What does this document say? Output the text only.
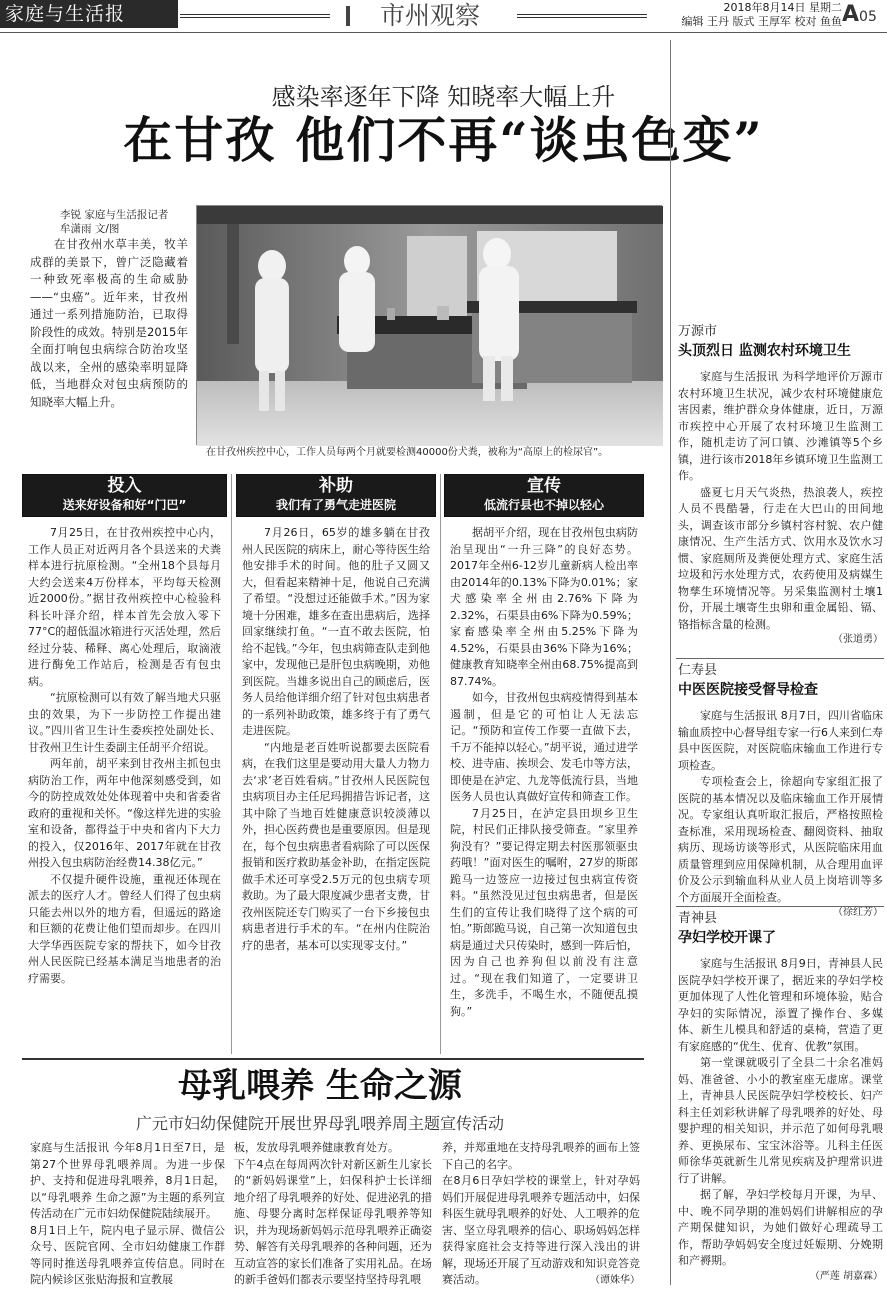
家庭与生活报	市州观察	2018年8月14日 星期二
编辑 王丹 版式 王厚军 校对 鱼鱼 A05
感染率逐年下降 知晓率大幅上升
在甘孜 他们不再“谈虫色变”
李锐 家庭与生活报记者
牟潇雨 文/图
在甘孜州水草丰美，牧羊成群的美景下，曾广泛隐藏着一种致死率极高的生命威胁——“虫癌”。近年来，甘孜州通过一系列措施防治，已取得阶段性的成效。特别是2015年全面打响包虫病综合防治攻坚战以来，全州的感染率明显降低，当地群众对包虫病预防的知晓率大幅上升。
在甘孜州疾控中心，工作人员每两个月就要检测40000份犬粪，被称为“高原上的检尿官”。
投入
送来好设备和好“门巴”

7月25日，在甘孜州疾控中心内，工作人员正对近两月各个县送来的犬粪样本进行抗原检测。“全州18个县每月大约会送来4万份样本，平均每天检测近2000份。”据甘孜州疾控中心检验科科长叶泽介绍，样本首先会放入零下77°C的超低温冰箱进行灭活处理，然后经过分装、稀释、离心处理后，取滴液进行酶免工作站后，检测是否有包虫病。

“抗原检测可以有效了解当地犬只驱虫的效果，为下一步防控工作提出建议。”四川省卫生计生委疾控处副处长、甘孜州卫生计生委副主任胡平介绍说。

两年前，胡平来到甘孜州主抓包虫病防治工作，两年中他深刻感受到，如今的防控成效处处体现着中央和省委省政府的重视和关怀。“像这样先进的实验室和设备，都得益于中央和省内下大力的投入，仅2016年、2017年就在甘孜州投入包虫病防治经费14.38亿元。”

不仅提升硬件设施，重视还体现在派去的医疗人才。曾经人们得了包虫病只能去州以外的地方看，但遥远的路途和巨额的花费让他们望而却步。在四川大学华西医院专家的帮扶下，如今甘孜州人民医院已经基本满足当地患者的治疗需要。

补助
我们有了勇气走进医院

7月26日，65岁的雄多躺在甘孜州人民医院的病床上，耐心等待医生给他安排手术的时间。他的肚子又圆又大，但看起来精神十足，他说自己充满了希望。“没想过还能做手术。”因为家境十分困难，雄多在查出患病后，选择回家继续打鱼。“一直不敢去医院，怕给不起钱。”今年，包虫病筛查队走到他家中，发现他已是肝包虫病晚期，劝他到医院。当雄多说出自己的顾虑后，医务人员给他详细介绍了针对包虫病患者的一系列补助政策，雄多终于有了勇气走进医院。

“内地是老百姓听说都要去医院看病，在我们这里是要动用大量人力物力去‘求’老百姓看病。”甘孜州人民医院包虫病项目办主任尼玛拥措告诉记者，这其中除了当地百姓健康意识较淡薄以外，担心医药费也是重要原因。但是现在，每个包虫病患者看病除了可以医保报销和医疗救助基金补助，在指定医院做手术还可享受2.5万元的包虫病专项救助。为了最大限度减少患者支费，甘孜州医院还专门购买了一台下乡接包虫病患者进行手术的车。“在州内住院治疗的患者，基本可以实现零支付。”

宣传
低流行县也不掉以轻心

据胡平介绍，现在甘孜州包虫病防治呈现出“一升三降”的良好态势。2017年全州6-12岁儿童新病人检出率由2014年的0.13%下降为0.01%；家犬感染率全州由2.76%下降为2.32%，石渠县由6%下降为0.59%；家畜感染率全州由5.25%下降为4.52%，石渠县由36%下降为16%；健康教育知晓率全州由68.75%提高到87.74%。

如今，甘孜州包虫病疫情得到基本遏制，但是它的可怕让人无法忘记。“预防和宣传工作要一直做下去，千万不能掉以轻心。”胡平说，通过进学校、进寺庙、挨坝会、发毛巾等方法，即使是在泸定、九龙等低流行县，当地医务人员也认真做好宣传和筛查工作。

7月25日，在泸定县田坝乡卫生院，村民们正排队接受筛查。“家里养狗没有？”要记得定期去村医那领驱虫药哦！”面对医生的嘱咐，27岁的斯郎跪马一边签应一边接过包虫病宣传资料。“虽然没见过包虫病患者，但是医生们的宣传让我们晓得了这个病的可怕。”斯郎跪马说，自己第一次知道包虫病是通过犬只传染时，感到一阵后怕，因为自己也养狗但以前没有注意过。“现在我们知道了，一定要讲卫生，多洗手，不喝生水，不随便乱摸狗。”

万源市
头顶烈日 监测农村环境卫生

家庭与生活报讯 为科学地评价万源市农村环境卫生状况，减少农村环境健康危害因素，维护群众身体健康，近日，万源市疾控中心开展了农村环境卫生监测工作，随机走访了河口镇、沙滩镇等5个乡镇，进行该市2018年乡镇环境卫生监测工作。

盛夏七月天气炎热，热浪袭人，疾控人员不畏酷暑，行走在大巴山的田间地头，调查该市部分乡镇村容村貌、农户健康情况、生产生活方式、饮用水及饮水习惯、家庭厕所及粪便处理方式、家庭生活垃圾和污水处理方式，农药使用及病媒生物孳生环境情况等。另采集监测村土壤1份，开展土壤寄生虫卵和重金属铅、镉、铬指标含量的检测。

（张道勇）
仁寿县
中医医院接受督导检查

家庭与生活报讯 8月7日，四川省临床输血质控中心督导组专家一行6人来到仁寿县中医医院，对医院临床输血工作进行专项检查。

专项检查会上，徐超向专家组汇报了医院的基本情况以及临床输血工作开展情况。专家组认真听取汇报后，严格按照检查标准，采用现场检查、翻阅资料、抽取病历、现场访谈等形式，从医院临床用血质量管理到应用保障机制，从合理用血评价及公示到输血科从业人员上岗培训等多个方面展开全面检查。

（徐红芳）
青神县
孕妇学校开课了

家庭与生活报讯 8月9日，青神县人民医院孕妇学校开课了，据近来的孕妇学校更加体现了人性化管理和环境体验，贴合孕妇的实际情况，添置了操作台、多媒体、新生儿模具和舒适的桌椅，营造了更有家庭感的“优生、优育、优教”氛围。

第一堂课就吸引了全县二十余名准妈妈、准爸爸、小小的教室座无虚席。课堂上，青神县人民医院孕妇学校校长、妇产科主任刘彩秋讲解了母乳喂养的好处、母婴护理的相关知识，并示范了如何母乳喂养、更换尿布、宝宝沐浴等。儿科主任医师徐华英就新生儿常见疾病及护理常识进行了讲解。

据了解，孕妇学校每月开课，为早、中、晚不同孕期的准妈妈们讲解相应的孕产期保健知识，为她们做好心理疏导工作，帮助孕妈妈安全度过妊娠期、分娩期和产褥期。

（严莲 胡嘉霖）
母乳喂养 生命之源
广元市妇幼保健院开展世界母乳喂养周主题宣传活动
家庭与生活报讯 今年8月1日至7日，是第27个世界母乳喂养周。为进一步保护、支持和促进母乳喂养，8月1日起，以“母乳喂养 生命之源”为主题的系列宣传活动在广元市妇幼保健院陆续展开。
8月1日上午，院内电子显示屏、微信公众号、医院官网、全市妇幼健康工作群等同时推送母乳喂养宣传信息。同时在院内候诊区张贴海报和宣教展
板，发放母乳喂养健康教育处方。
下午4点在每周两次针对新区新生儿家长的“新妈妈课堂”上，妇保科护士长详细地介绍了母乳喂养的好处、促进泌乳的措施、母婴分离时怎样保证母乳喂养等知识，并为现场新妈妈示范母乳喂养正确姿势、解答有关母乳喂养的各种问题，还为互动宣答的家长们准备了实用礼品。在场的新手爸妈们都表示要坚持坚持母乳喂
养，并郑重地在支持母乳喂养的画布上签下自己的名字。
在8月6日孕妇学校的课堂上，针对孕妈妈们开展促进母乳喂养专题活动中，妇保科医生就母乳喂养的好处、人工喂养的危害、坚立母乳喂养的信心、职场妈妈怎样获得家庭社会支持等进行深入浅出的讲解，现场还开展了互动游戏和知识竞答竞赛活动。	（谭姝华）
